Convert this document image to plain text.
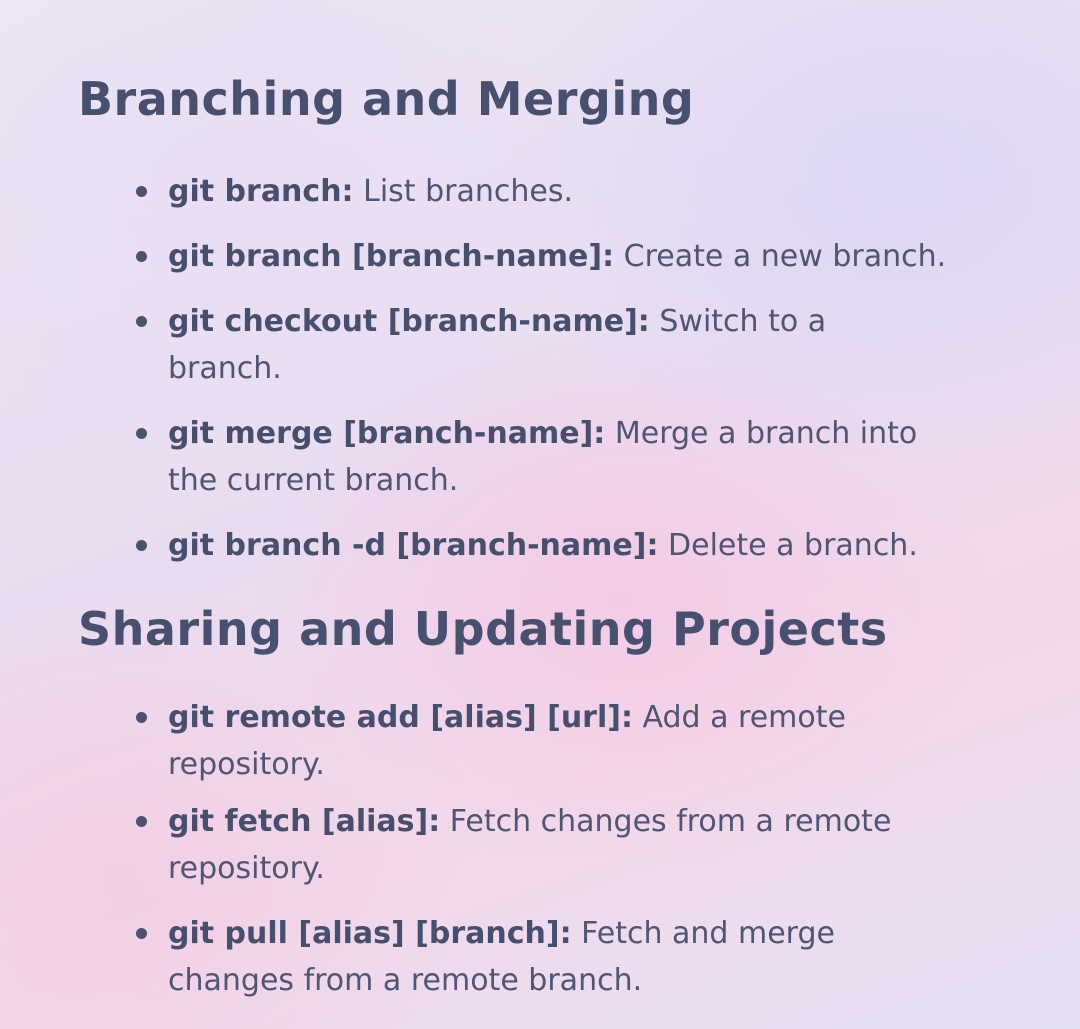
Branching and Merging
git branch: List branches.
git branch [branch-name]: Create a new branch.
git checkout [branch-name]: Switch to a branch.
git merge [branch-name]: Merge a branch into the current branch.
git branch -d [branch-name]: Delete a branch.
Sharing and Updating Projects
git remote add [alias] [url]: Add a remote repository.
git fetch [alias]: Fetch changes from a remote repository.
git pull [alias] [branch]: Fetch and merge changes from a remote branch.
